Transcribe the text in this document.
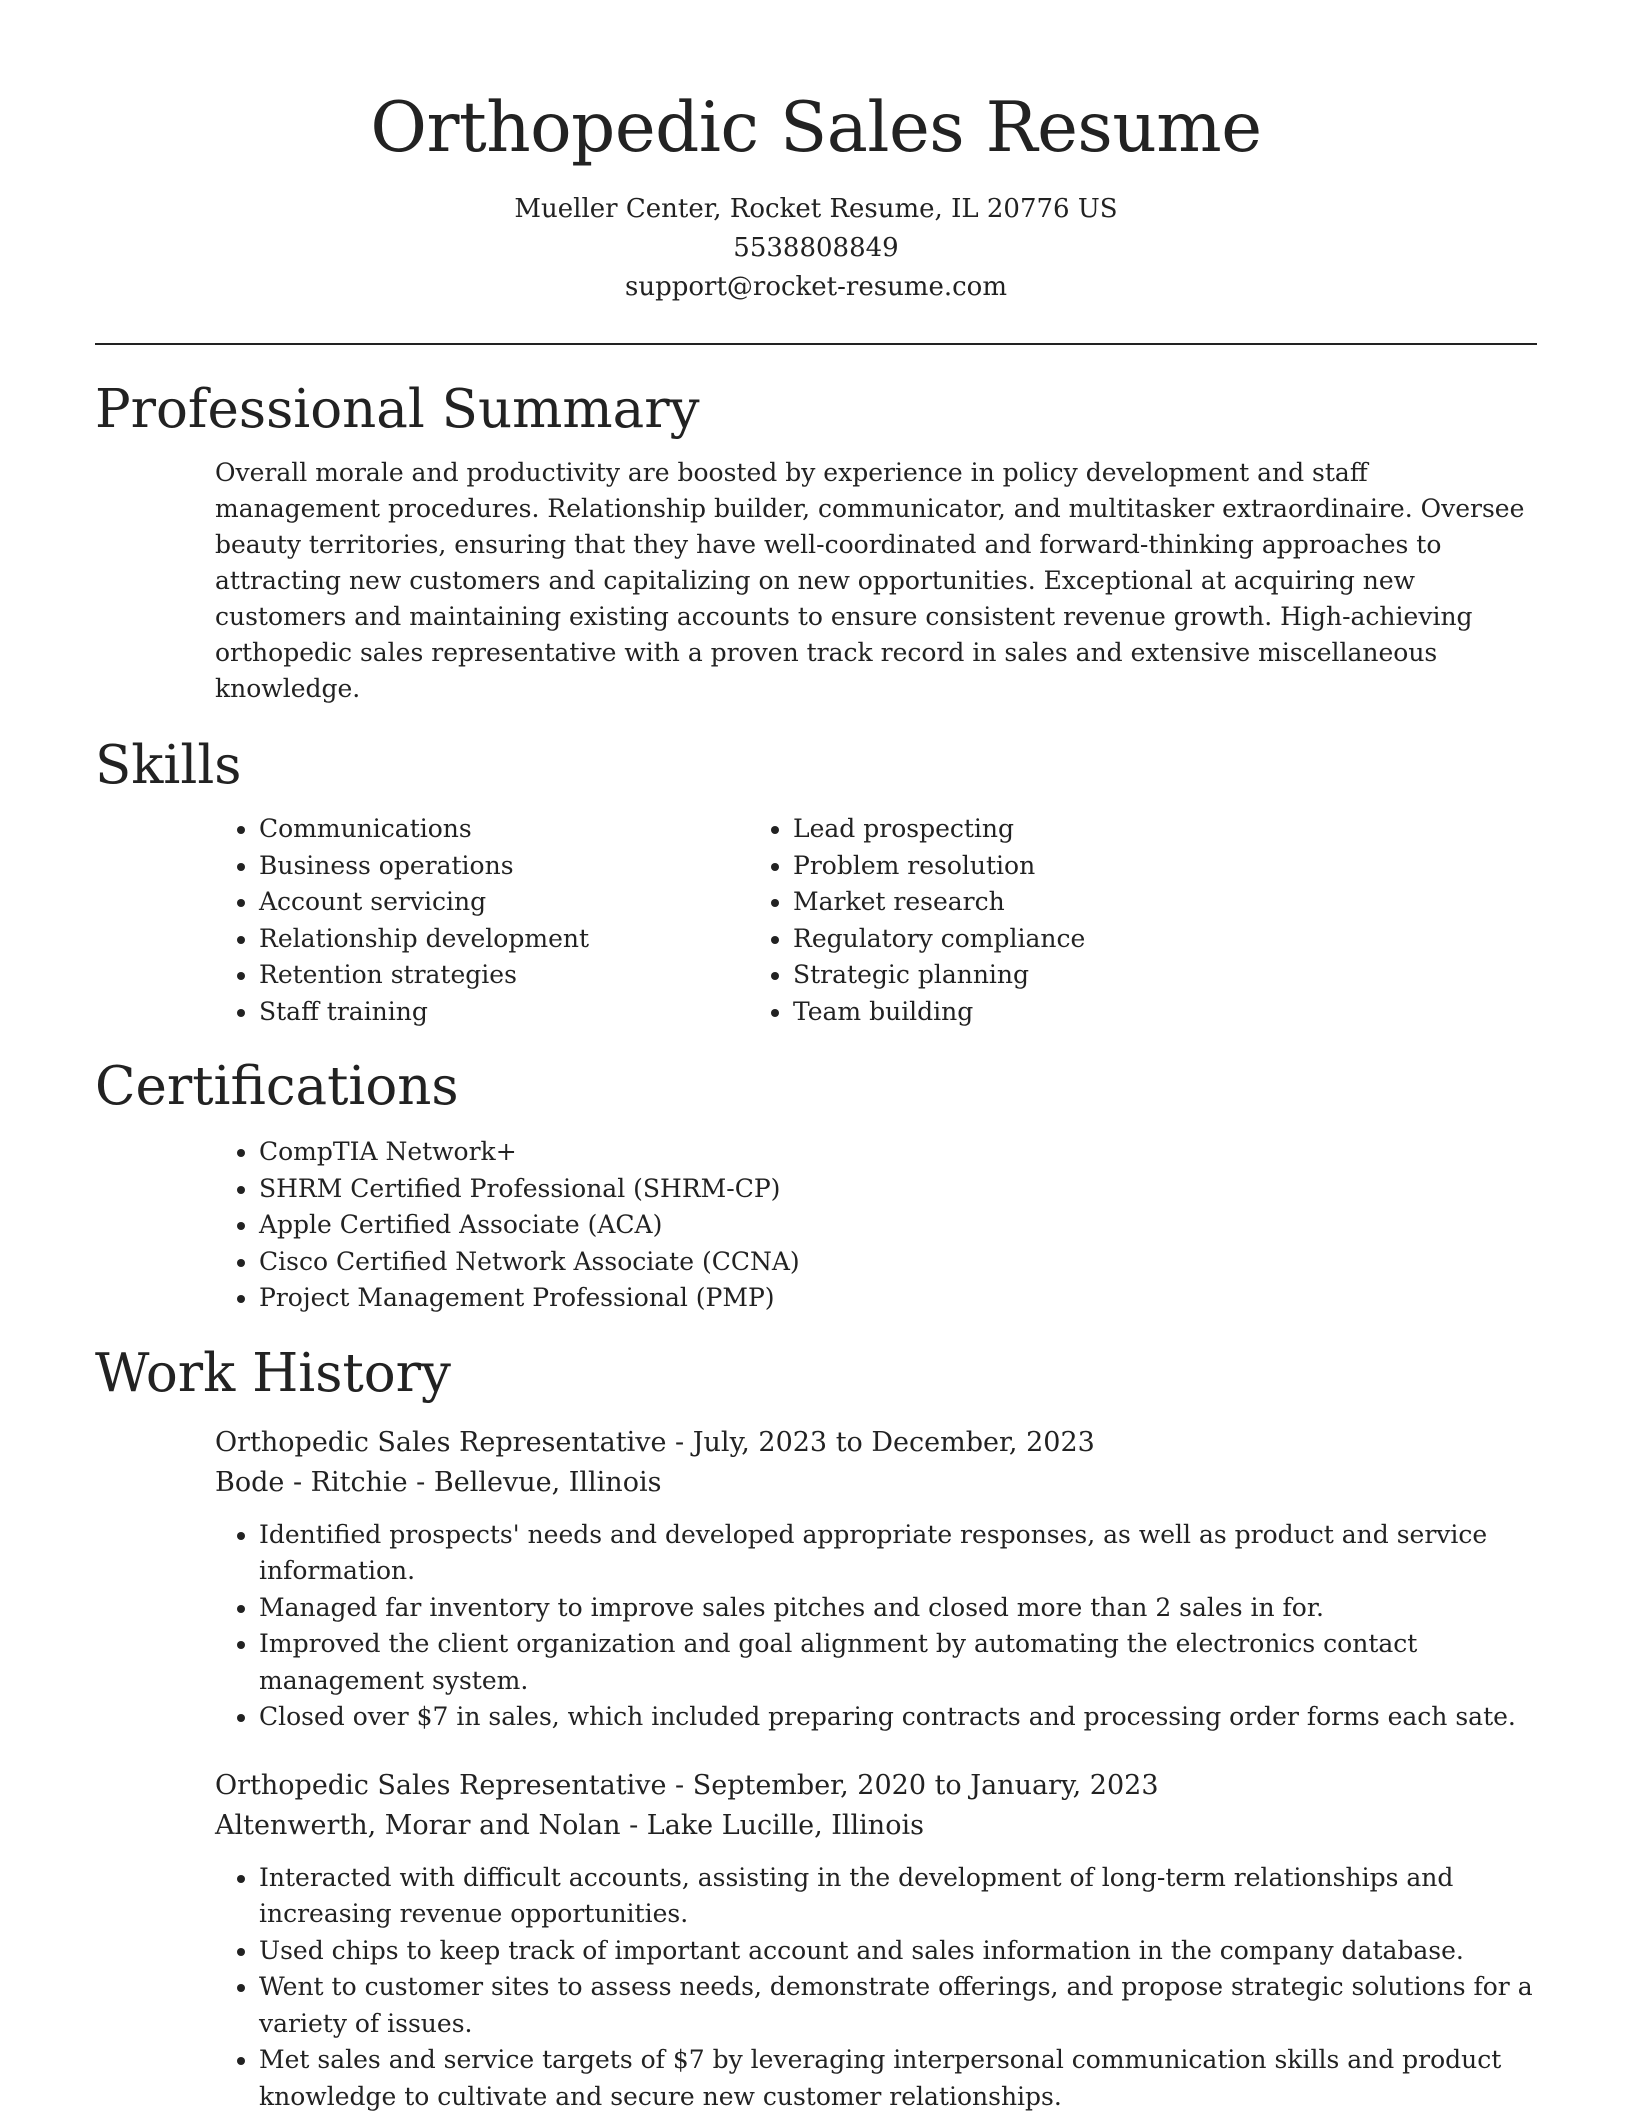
Orthopedic Sales Resume

Mueller Center, Rocket Resume, IL 20776 US

5538808849

support@rocket-resume.com

Professional Summary

Overall morale and productivity are boosted by experience in policy development and staff management procedures. Relationship builder, communicator, and multitasker extraordinaire. Oversee beauty territories, ensuring that they have well-coordinated and forward-thinking approaches to attracting new customers and capitalizing on new opportunities. Exceptional at acquiring new customers and maintaining existing accounts to ensure consistent revenue growth. High-achieving orthopedic sales representative with a proven track record in sales and extensive miscellaneous knowledge.

Skills
• Communications
• Business operations
• Account servicing
• Relationship development
• Retention strategies
• Staff training
• Lead prospecting
• Problem resolution
• Market research
• Regulatory compliance
• Strategic planning
• Team building
Certifications
• CompTIA Network+
• SHRM Certified Professional (SHRM-CP)
• Apple Certified Associate (ACA)
• Cisco Certified Network Associate (CCNA)
• Project Management Professional (PMP)
Work History

Orthopedic Sales Representative - July, 2023 to December, 2023

Bode - Ritchie - Bellevue, Illinois

• Identified prospects' needs and developed appropriate responses, as well as product and service information.
• Managed far inventory to improve sales pitches and closed more than 2 sales in for.
• Improved the client organization and goal alignment by automating the electronics contact management system.
• Closed over $7 in sales, which included preparing contracts and processing order forms each sate.

Orthopedic Sales Representative - September, 2020 to January, 2023

Altenwerth, Morar and Nolan - Lake Lucille, Illinois

• Interacted with difficult accounts, assisting in the development of long-term relationships and increasing revenue opportunities.
• Used chips to keep track of important account and sales information in the company database.
• Went to customer sites to assess needs, demonstrate offerings, and propose strategic solutions for a variety of issues.
• Met sales and service targets of $7 by leveraging interpersonal communication skills and product knowledge to cultivate and secure new customer relationships.
